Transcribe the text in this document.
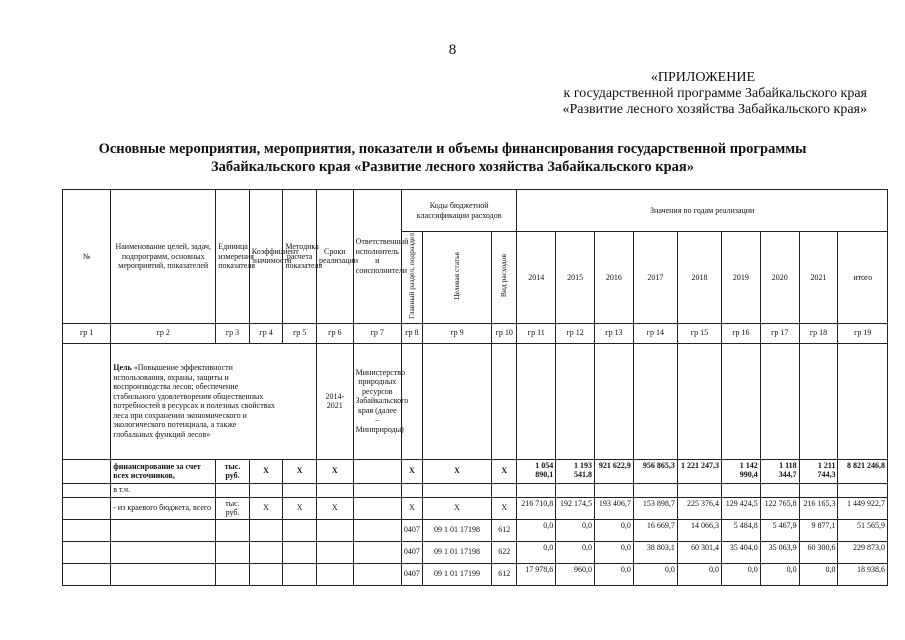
8
«ПРИЛОЖЕНИЕ
к государственной программе Забайкальского края
«Развитие лесного хозяйства Забайкальского края»
Основные мероприятия, мероприятия, показатели и объемы финансирования государственной программы
Забайкальского края «Развитие лесного хозяйства Забайкальского края»
№	Наименование целей, задач, подпрограмм, основных мероприятий, показателей	Единица измерения показателя	Коэффициент значимости	Методика расчета показателя	Сроки реализации	Ответственный исполнитель и соисполнители	Коды бюджетной классификации расходов			Значения по годам реализации								
							Главный раздел, подраздел	Целевая статья	Вид расходов	2014	2015	2016	2017	2018	2019	2020	2021	итого
гр 1	гр 2	гр 3	гр 4	гр 5	гр 6	гр 7	гр 8	гр 9	гр 10	гр 11	гр 12	гр 13	гр 14	гр 15	гр 16	гр 17	гр 18	гр 19
	Цель «Повышение эффективности использования, охраны, защиты и воспроизводства лесов; обеспечение стабильного удовлетворения общественных потребностей в ресурсах и полезных свойствах леса при сохранении экономического и экологического потенциала, а также глобальных функций лесов»				2014-2021	Министерство природных ресурсов Забайкальского края (далее – Минприроды)												
	финансирование за счет всех источников,	тыс. руб.	Х	Х	Х		Х	Х	Х	1 054 890,1	1 193 541,8	921 622,9	956 865,3	1 221 247,3	1 142 990,4	1 118 344,7	1 211 744,3	8 821 246,8
	в т.ч.																	
	- из краевого бюджета, всего	тыс. руб.	Х	Х	Х		Х	Х	Х	216 710,8	192 174,5	193 406,7	153 898,7	225 376,4	129 424,5	122 765,8	216 165,3	1 449 922,7
							0407	09 1 01 17198	612	0,0	0,0	0,0	16 669,7	14 066,3	5 484,8	5 467,9	9 877,1	51 565,9
							0407	09 1 01 17198	622	0,0	0,0	0,0	38 803,1	60 301,4	35 404,0	35 063,9	60 300,6	229 873,0
							0407	09 1 01 17199	612	17 978,6	960,0	0,0	0,0	0,0	0,0	0,0	0,0	18 938,6
